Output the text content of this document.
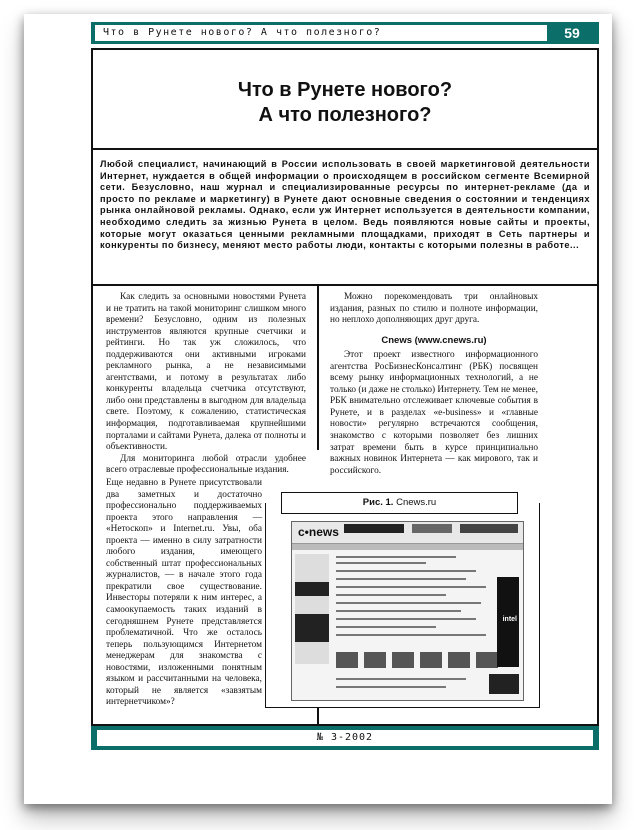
Что в Рунете нового? А что полезного?	59
Что в Рунете нового?
А что полезного?
Любой специалист, начинающий в России использовать в своей маркетинговой деятельности Интернет, нуждается в общей информации о происходящем в российском сегменте Всемирной сети. Безусловно, наш журнал и специализированные ресурсы по интернет-рекламе (да и просто по рекламе и маркетингу) в Рунете дают основные сведения о состоянии и тенденциях рынка онлайновой рекламы. Однако, если уж Интернет используется в деятельности компании, необходимо следить за жизнью Рунета в целом. Ведь появляются новые сайты и проекты, которые могут оказаться ценными рекламными площадками, приходят в Сеть партнеры и конкуренты по бизнесу, меняют место работы люди, контакты с которыми полезны в работе...

Как следить за основными новостями Рунета и не тратить на такой мониторинг слишком много времени? Безусловно, одним из полезных инструментов являются крупные счетчики и рейтинги. Но так уж сложилось, что поддерживаются они активными игроками рекламного рынка, а не независимыми агентствами, и потому в результатах либо конкуренты владельца счетчика отсутствуют, либо они представлены в выгодном для владельца свете. Поэтому, к сожалению, статистическая информация, подготавливаемая крупнейшими порталами и сайтами Рунета, далека от полноты и объективности.

Для мониторинга любой отрасли удобнее всего отраслевые профессиональные издания.

Еще недавно в Рунете присутствовали два заметных и достаточно профессионально поддерживаемых проекта этого направления — «Нетоскоп» и Internet.ru. Увы, оба проекта — именно в силу затратности любого издания, имеющего собственный штат профессиональных журналистов, — в начале этого года прекратили свое существование. Инвесторы потеряли к ним интерес, а самоокупаемость таких изданий в сегодняшнем Рунете представляется проблематичной. Что же осталось теперь пользующимся Интернетом менеджерам для знакомства с новостями, изложенными понятным языком и рассчитанными на человека, который не является «завзятым интернетчиком»?

Можно порекомендовать три онлайновых издания, разных по стилю и полноте информации, но неплохо дополняющих друг друга.

Cnews (www.cnews.ru)

Этот проект известного информационного агентства РосБизнесКонсалтинг (РБК) посвящен всему рынку информационных технологий, а не только (и даже не столько) Интернету. Тем не менее, РБК внимательно отслеживает ключевые события в Рунете, и в разделах «e-business» и «главные новости» регулярно встречаются сообщения, знакомство с которыми позволяет без лишних затрат времени быть в курсе принципиально важных новинок Интернета — как мирового, так и российского.

Рис. 1. Cnews.ru
c•news
intel
№ 3-2002
